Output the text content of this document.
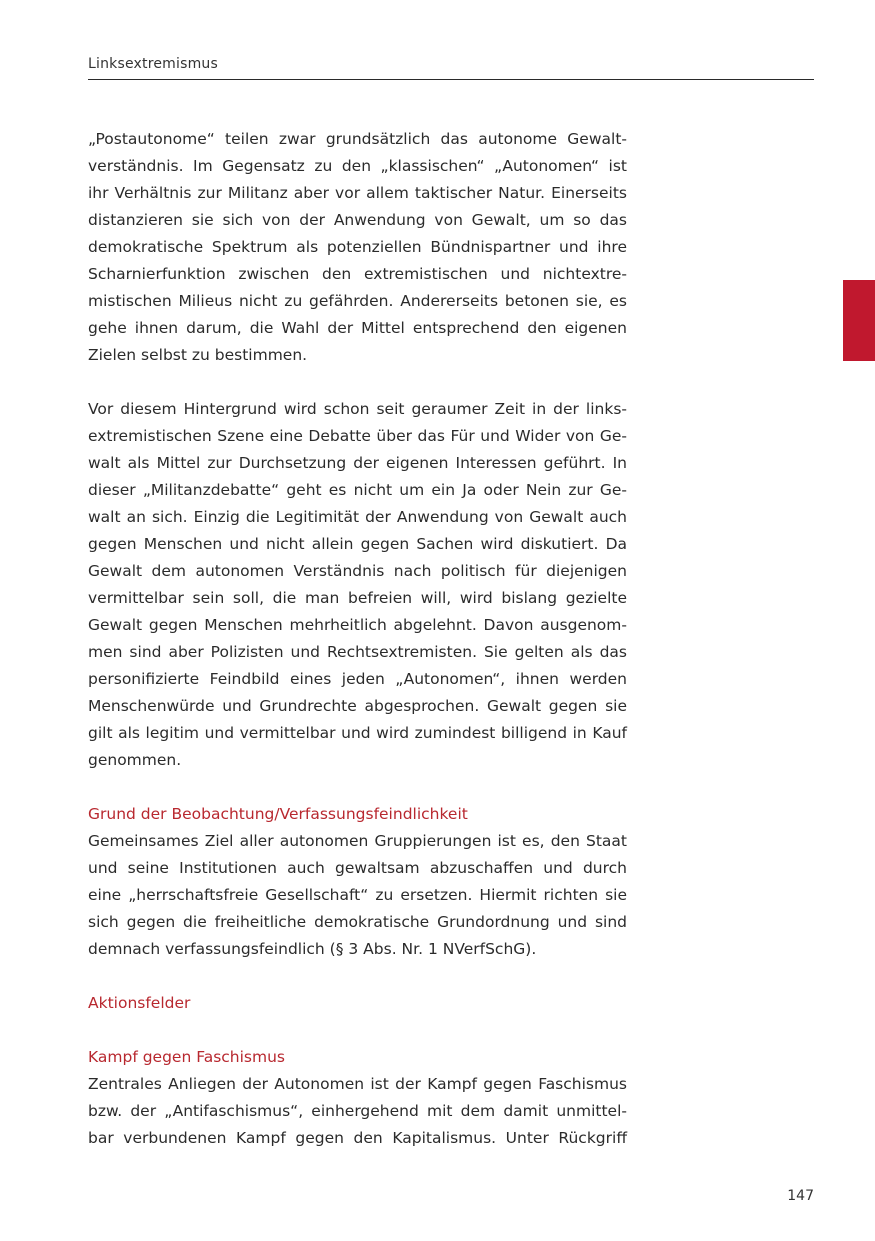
Linksextremismus
„Postautonome“ teilen zwar grundsätzlich das autonome Gewalt-
verständnis. Im Gegensatz zu den „klassischen“ „Autonomen“ ist
ihr Verhältnis zur Militanz aber vor allem taktischer Natur. Einerseits
distanzieren sie sich von der Anwendung von Gewalt, um so das
demokratische Spektrum als potenziellen Bündnispartner und ihre
Scharnierfunktion zwischen den extremistischen und nichtextre-
mistischen Milieus nicht zu gefährden. Andererseits betonen sie, es
gehe ihnen darum, die Wahl der Mittel entsprechend den eigenen
Zielen selbst zu bestimmen.
Vor diesem Hintergrund wird schon seit geraumer Zeit in der links-
extremistischen Szene eine Debatte über das Für und Wider von Ge-
walt als Mittel zur Durchsetzung der eigenen Interessen geführt. In
dieser „Militanzdebatte“ geht es nicht um ein Ja oder Nein zur Ge-
walt an sich. Einzig die Legitimität der Anwendung von Gewalt auch
gegen Menschen und nicht allein gegen Sachen wird diskutiert. Da
Gewalt dem autonomen Verständnis nach politisch für diejenigen
vermittelbar sein soll, die man befreien will, wird bislang gezielte
Gewalt gegen Menschen mehrheitlich abgelehnt. Davon ausgenom-
men sind aber Polizisten und Rechtsextremisten. Sie gelten als das
personifizierte Feindbild eines jeden „Autonomen“, ihnen werden
Menschenwürde und Grundrechte abgesprochen. Gewalt gegen sie
gilt als legitim und vermittelbar und wird zumindest billigend in Kauf
genommen.
Grund der Beobachtung/Verfassungsfeindlichkeit
Gemeinsames Ziel aller autonomen Gruppierungen ist es, den Staat
und seine Institutionen auch gewaltsam abzuschaffen und durch
eine „herrschaftsfreie Gesellschaft“ zu ersetzen. Hiermit richten sie
sich gegen die freiheitliche demokratische Grundordnung und sind
demnach verfassungsfeindlich (§ 3 Abs. Nr. 1 NVerfSchG).
Aktionsfelder
Kampf gegen Faschismus
Zentrales Anliegen der Autonomen ist der Kampf gegen Faschismus
bzw. der „Antifaschismus“, einhergehend mit dem damit unmittel-
bar verbundenen Kampf gegen den Kapitalismus. Unter Rückgriff
147
